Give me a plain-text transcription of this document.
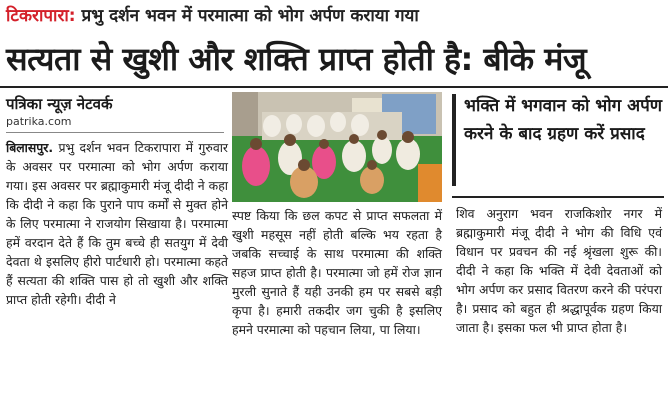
टिकरापारा: प्रभु दर्शन भवन में परमात्मा को भोग अर्पण कराया गया
सत्यता से खुशी और शक्ति प्राप्त होती है: बीके मंजू
पत्रिका न्यूज़ नेटवर्क
patrika.com
बिलासपुर. प्रभु दर्शन भवन टिकरापारा में गुरुवार के अवसर पर परमात्मा को भोग अर्पण कराया गया। इस अवसर पर ब्रह्माकुमारी मंजू दीदी ने कहा कि दीदी ने कहा कि पुराने पाप कर्मों से मुक्त होने के लिए परमात्मा ने राजयोग सिखाया है। परमात्मा हमें वरदान देते हैं कि तुम बच्चे ही सतयुग में देवी देवता थे इसलिए हीरो पार्टधारी हो। परमात्मा कहते हैं सत्यता की शक्ति पास हो तो खुशी और शक्ति प्राप्त होती रहेगी। दीदी ने
स्पष्ट किया कि छल कपट से प्राप्त सफलता में खुशी महसूस नहीं होती बल्कि भय रहता है जबकि सच्चाई के साथ परमात्मा की शक्ति सहज प्राप्त होती है। परमात्मा जो हमें रोज ज्ञान मुरली सुनाते हैं यही उनकी हम पर सबसे बड़ी कृपा है। हमारी तकदीर जग चुकी है इसलिए हमने परमात्मा को पहचान लिया, पा लिया।
भक्ति में भगवान को भोग अर्पण करने के बाद ग्रहण करें प्रसाद
शिव अनुराग भवन राजकिशोर नगर में ब्रह्माकुमारी मंजू दीदी ने भोग की विधि एवं विधान पर प्रवचन की नई श्रृंखला शुरू की। दीदी ने कहा कि भक्ति में देवी देवताओं को भोग अर्पण कर प्रसाद वितरण करने की परंपरा है। प्रसाद को बहुत ही श्रद्धापूर्वक ग्रहण किया जाता है। इसका फल भी प्राप्त होता है।
